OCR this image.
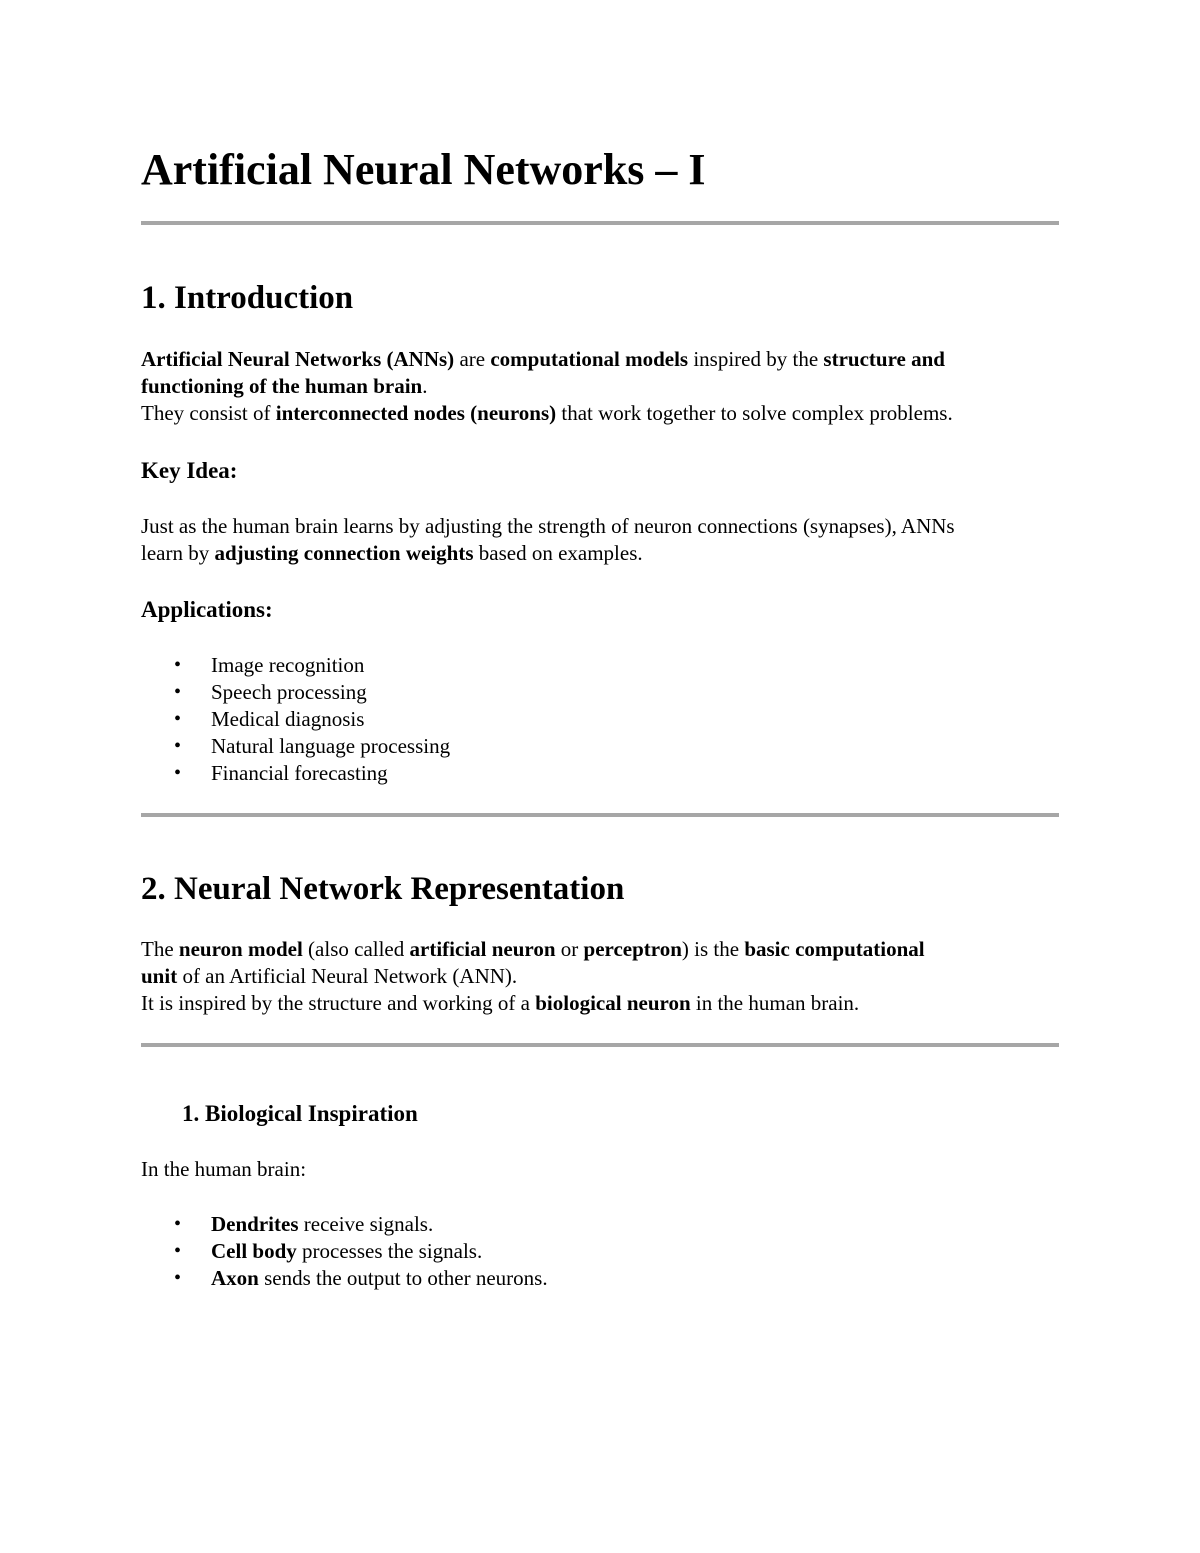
Artificial Neural Networks – I
1. Introduction

Artificial Neural Networks (ANNs) are computational models inspired by the structure and
functioning of the human brain.
They consist of interconnected nodes (neurons) that work together to solve complex problems.

Key Idea:

Just as the human brain learns by adjusting the strength of neuron connections (synapses), ANNs
learn by adjusting connection weights based on examples.

Applications:
• Image recognition
• Speech processing
• Medical diagnosis
• Natural language processing
• Financial forecasting
2. Neural Network Representation

The neuron model (also called artificial neuron or perceptron) is the basic computational
unit of an Artificial Neural Network (ANN).
It is inspired by the structure and working of a biological neuron in the human brain.

1. Biological Inspiration

In the human brain:

• Dendrites receive signals.
• Cell body processes the signals.
• Axon sends the output to other neurons.
